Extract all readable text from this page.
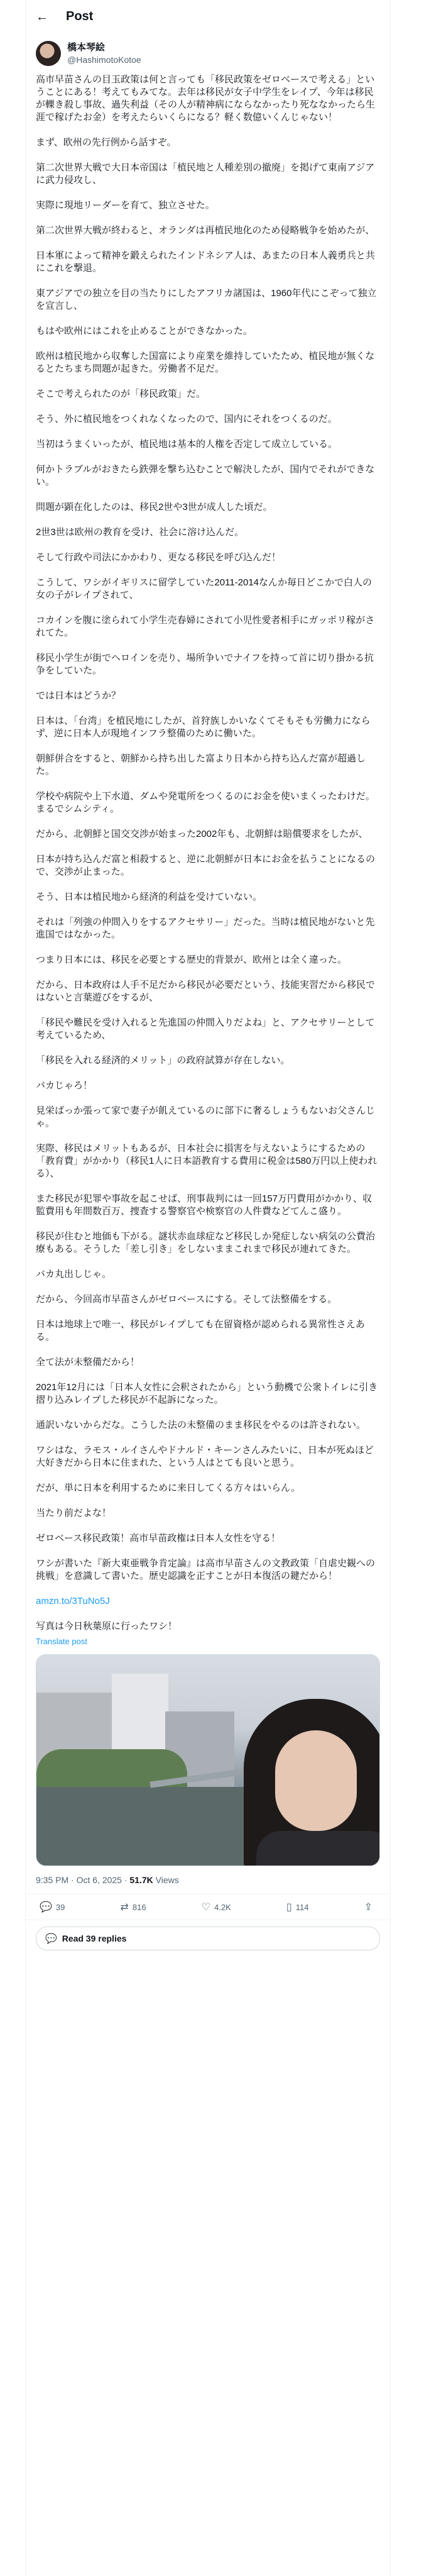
← Post
橋本琴絵
@HashimotoKotoe

高市早苗さんの目玉政策は何と言っても「移民政策をゼロベースで考える」ということにある！考えてもみてな。去年は移民が女子中学生をレイプ、今年は移民が轢き殺し事故、過失利益（その人が精神病にならなかったり死ななかったら生涯で稼げたお金）を考えたらいくらになる？軽く数億いくんじゃない！

まず、欧州の先行例から話すぞ。

第二次世界大戦で大日本帝国は「植民地と人種差別の撤廃」を掲げて東南アジアに武力侵攻し、

実際に現地リーダーを育て、独立させた。

第二次世界大戦が終わると、オランダは再植民地化のため侵略戦争を始めたが、

日本軍によって精神を鍛えられたインドネシア人は、あまたの日本人義勇兵と共にこれを撃退。

東アジアでの独立を目の当たりにしたアフリカ諸国は、1960年代にこぞって独立を宣言し、

もはや欧州にはこれを止めることができなかった。

欧州は植民地から収奪した国富により産業を維持していたため、植民地が無くなるとたちまち問題が起きた。労働者不足だ。

そこで考えられたのが「移民政策」だ。

そう、外に植民地をつくれなくなったので、国内にそれをつくるのだ。

当初はうまくいったが、植民地は基本的人権を否定して成立している。

何かトラブルがおきたら鉄弾を撃ち込むことで解決したが、国内でそれができない。

問題が顕在化したのは、移民2世や3世が成人した頃だ。

2世3世は欧州の教育を受け、社会に溶け込んだ。

そして行政や司法にかかわり、更なる移民を呼び込んだ！

こうして、ワシがイギリスに留学していた2011-2014なんか毎日どこかで白人の女の子がレイプされて、

コカインを腹に塗られて小学生売春婦にされて小児性愛者相手にガッポリ稼がされてた。

移民小学生が街でヘロインを売り、場所争いでナイフを持って首に切り掛かる抗争をしていた。

では日本はどうか？

日本は、「台湾」を植民地にしたが、首狩族しかいなくてそもそも労働力にならず、逆に日本人が現地インフラ整備のために働いた。

朝鮮併合をすると、朝鮮から持ち出した富より日本から持ち込んだ富が超過した。

学校や病院や上下水道、ダムや発電所をつくるのにお金を使いまくったわけだ。まるでシムシティ。

だから、北朝鮮と国交交渉が始まった2002年も、北朝鮮は賠償要求をしたが、

日本が持ち込んだ富と相殺すると、逆に北朝鮮が日本にお金を払うことになるので、交渉が止まった。

そう、日本は植民地から経済的利益を受けていない。

それは「列強の仲間入りをするアクセサリー」だった。当時は植民地がないと先進国ではなかった。

つまり日本には、移民を必要とする歴史的背景が、欧州とは全く違った。

だから、日本政府は人手不足だから移民が必要だという、技能実習だから移民ではないと言葉遊びをするが、

「移民や難民を受け入れると先進国の仲間入りだよね」と、アクセサリーとして考えているため、

「移民を入れる経済的メリット」の政府試算が存在しない。

バカじゃろ！

見栄ばっか張って家で妻子が飢えているのに部下に奢るしょうもないお父さんじゃ。

実際、移民はメリットもあるが、日本社会に損害を与えないようにするための「教育費」がかかり（移民1人に日本語教育する費用に税金は580万円以上使われる）、

また移民が犯罪や事故を起こせば、刑事裁判には一回157万円費用がかかり、収監費用も年間数百万、捜査する警察官や検察官の人件費などてんこ盛り。

移民が住むと地価も下がる。謎状赤血球症など移民しか発症しない病気の公費治療もある。そうした「差し引き」をしないままこれまで移民が連れてきた。

バカ丸出しじゃ。

だから、今回高市早苗さんがゼロベースにする。そして法整備をする。

日本は地球上で唯一、移民がレイプしても在留資格が認められる異常性さえある。

全て法が未整備だから！

2021年12月には「日本人女性に会釈されたから」という動機で公衆トイレに引き摺り込みレイプした移民が不起訴になった。

通訳いないからだな。こうした法の未整備のまま移民をやるのは許されない。

ワシはな、ラモス・ルイさんやドナルド・キーンさんみたいに、日本が死ぬほど大好きだから日本に住まれた、という人はとても良いと思う。

だが、単に日本を利用するために来日してくる方々はいらん。

当たり前だよな！

ゼロベース移民政策！高市早苗政権は日本人女性を守る！

ワシが書いた『新大東亜戦争肯定論』は高市早苗さんの文教政策「自虐史観への挑戦」を意識して書いた。歴史認識を正すことが日本復活の鍵だから！

amzn.to/3TuNo5J

写真は今日秋葉原に行ったワシ！

Translate post
9:35 PM · Oct 6, 2025 · 51.7K Views
💬 39	⇄ 816	♡ 4.2K	▯ 114	⇪
💬 Read 39 replies
